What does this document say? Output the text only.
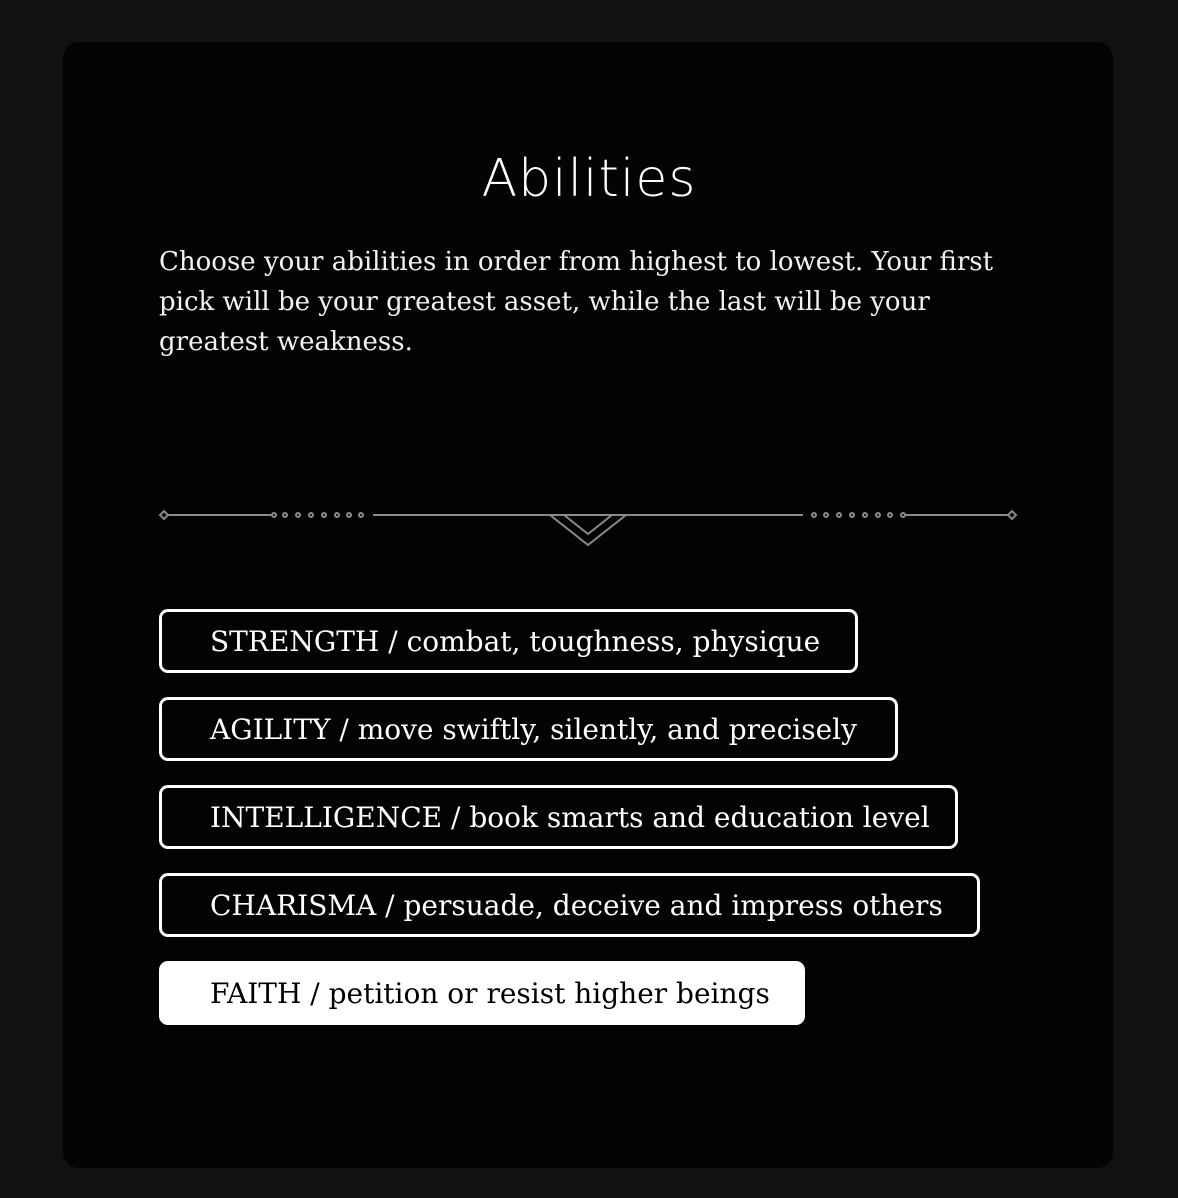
Abilities

Choose your abilities in order from highest to lowest. Your first pick will be your greatest asset, while the last will be your greatest weakness.

STRENGTH / combat, toughness, physique
AGILITY / move swiftly, silently, and precisely
INTELLIGENCE / book smarts and education level
CHARISMA / persuade, deceive and impress others
FAITH / petition or resist higher beings
